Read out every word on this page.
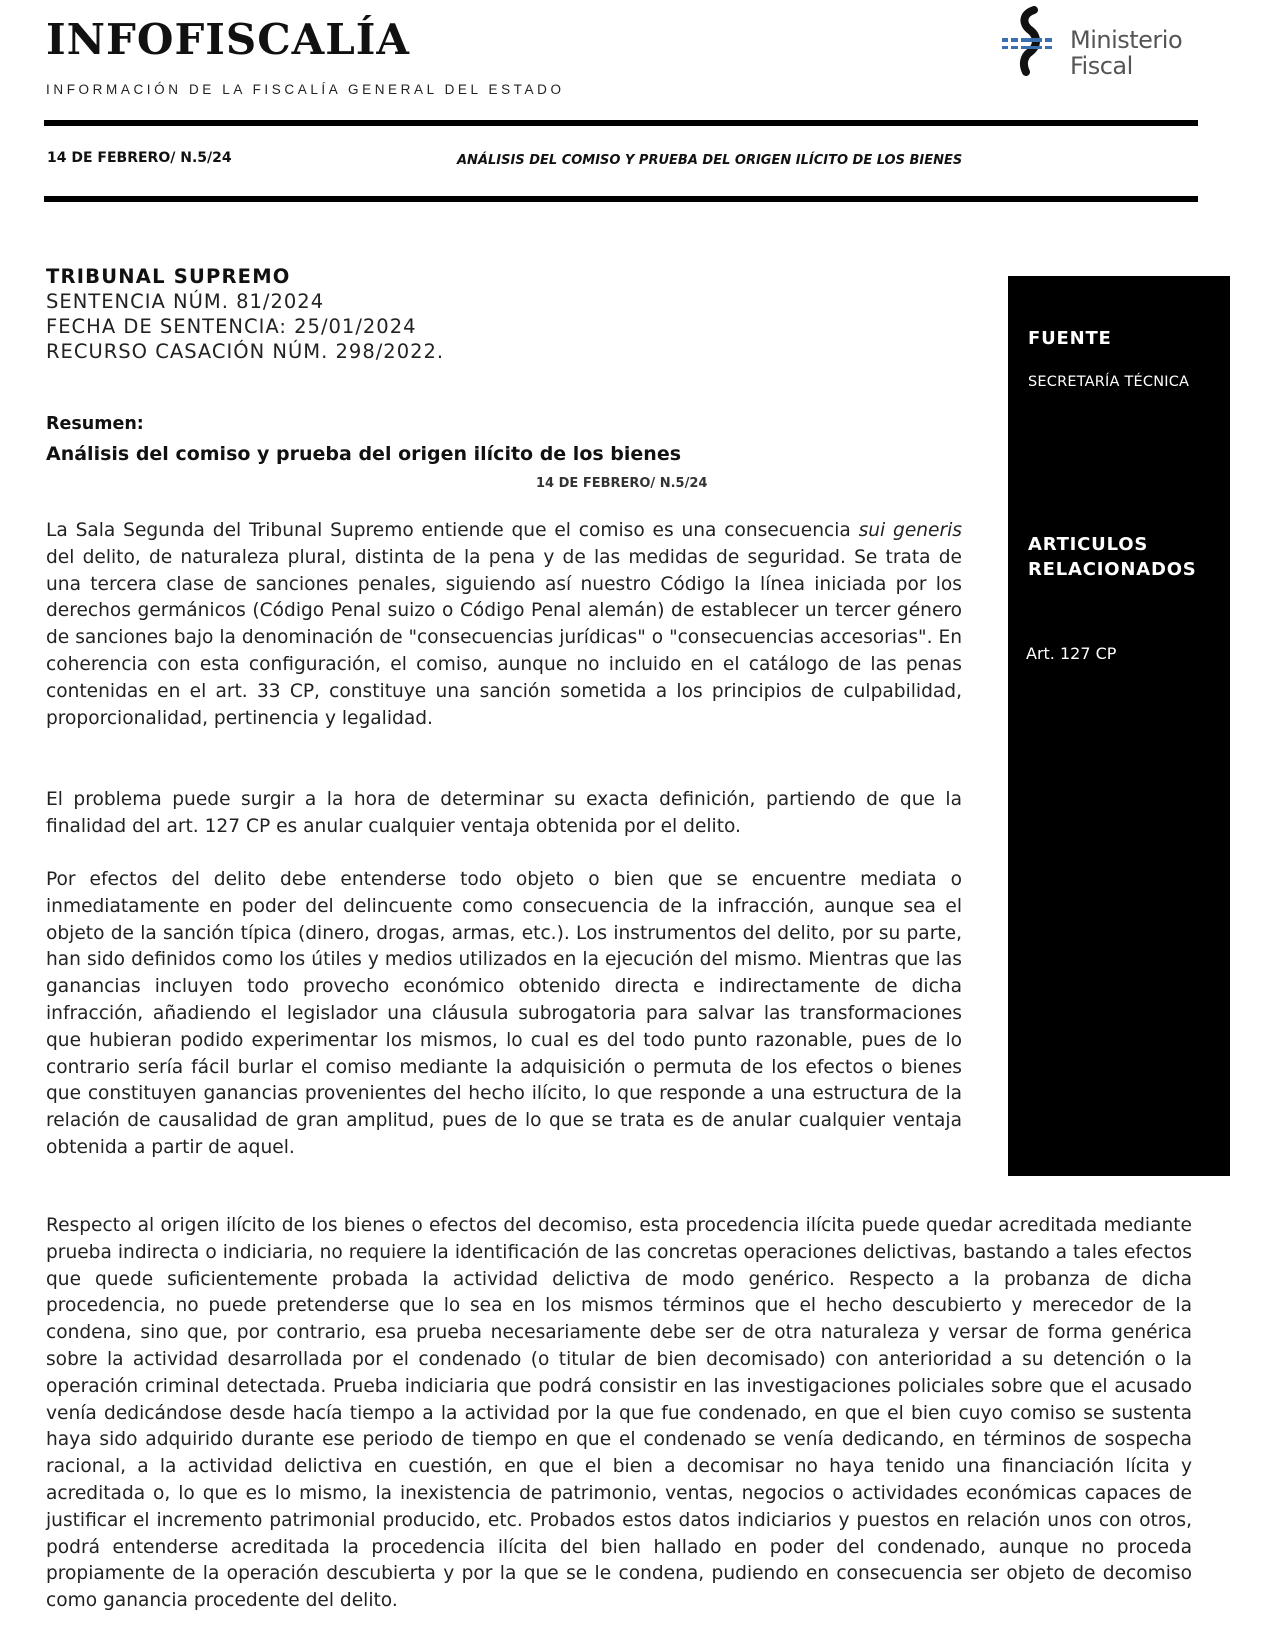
INFOFISCALÍA
INFORMACIÓN DE LA FISCALÍA GENERAL DEL ESTADO
Ministerio
Fiscal
14 DE FEBRERO/ N.5/24	ANÁLISIS DEL COMISO Y PRUEBA DEL ORIGEN ILÍCITO DE LOS BIENES
TRIBUNAL SUPREMO
SENTENCIA NÚM. 81/2024
FECHA DE SENTENCIA: 25/01/2024
RECURSO CASACIÓN NÚM. 298/2022.
Resumen:
Análisis del comiso y prueba del origen ilícito de los bienes
14 DE FEBRERO/ N.5/24

La Sala Segunda del Tribunal Supremo entiende que el comiso es una consecuencia sui generis del delito, de naturaleza plural, distinta de la pena y de las medidas de seguridad. Se trata de una tercera clase de sanciones penales, siguiendo así nuestro Código la línea iniciada por los derechos germánicos (Código Penal suizo o Código Penal alemán) de establecer un tercer género de sanciones bajo la denominación de "consecuencias jurídicas" o "consecuencias accesorias". En coherencia con esta configuración, el comiso, aunque no incluido en el catálogo de las penas contenidas en el art. 33 CP, constituye una sanción sometida a los principios de culpabilidad, proporcionalidad, pertinencia y legalidad.

El problema puede surgir a la hora de determinar su exacta definición, partiendo de que la finalidad del art. 127 CP es anular cualquier ventaja obtenida por el delito.

Por efectos del delito debe entenderse todo objeto o bien que se encuentre mediata o inmediatamente en poder del delincuente como consecuencia de la infracción, aunque sea el objeto de la sanción típica (dinero, drogas, armas, etc.). Los instrumentos del delito, por su parte, han sido definidos como los útiles y medios utilizados en la ejecución del mismo. Mientras que las ganancias incluyen todo provecho económico obtenido directa e indirectamente de dicha infracción, añadiendo el legislador una cláusula subrogatoria para salvar las transformaciones que hubieran podido experimentar los mismos, lo cual es del todo punto razonable, pues de lo contrario sería fácil burlar el comiso mediante la adquisición o permuta de los efectos o bienes que constituyen ganancias provenientes del hecho ilícito, lo que responde a una estructura de la relación de causalidad de gran amplitud, pues de lo que se trata es de anular cualquier ventaja obtenida a partir de aquel.

Respecto al origen ilícito de los bienes o efectos del decomiso, esta procedencia ilícita puede quedar acreditada mediante prueba indirecta o indiciaria, no requiere la identificación de las concretas operaciones delictivas, bastando a tales efectos que quede suficientemente probada la actividad delictiva de modo genérico. Respecto a la probanza de dicha procedencia, no puede pretenderse que lo sea en los mismos términos que el hecho descubierto y merecedor de la condena, sino que, por contrario, esa prueba necesariamente debe ser de otra naturaleza y versar de forma genérica sobre la actividad desarrollada por el condenado (o titular de bien decomisado) con anterioridad a su detención o la operación criminal detectada. Prueba indiciaria que podrá consistir en las investigaciones policiales sobre que el acusado venía dedicándose desde hacía tiempo a la actividad por la que fue condenado, en que el bien cuyo comiso se sustenta haya sido adquirido durante ese periodo de tiempo en que el condenado se venía dedicando, en términos de sospecha racional, a la actividad delictiva en cuestión, en que el bien a decomisar no haya tenido una financiación lícita y acreditada o, lo que es lo mismo, la inexistencia de patrimonio, ventas, negocios o actividades económicas capaces de justificar el incremento patrimonial producido, etc. Probados estos datos indiciarios y puestos en relación unos con otros, podrá entenderse acreditada la procedencia ilícita del bien hallado en poder del condenado, aunque no proceda propiamente de la operación descubierta y por la que se le condena, pudiendo en consecuencia ser objeto de decomiso como ganancia procedente del delito.

FUENTE
SECRETARÍA TÉCNICA
ARTICULOS RELACIONADOS
Art. 127 CP
